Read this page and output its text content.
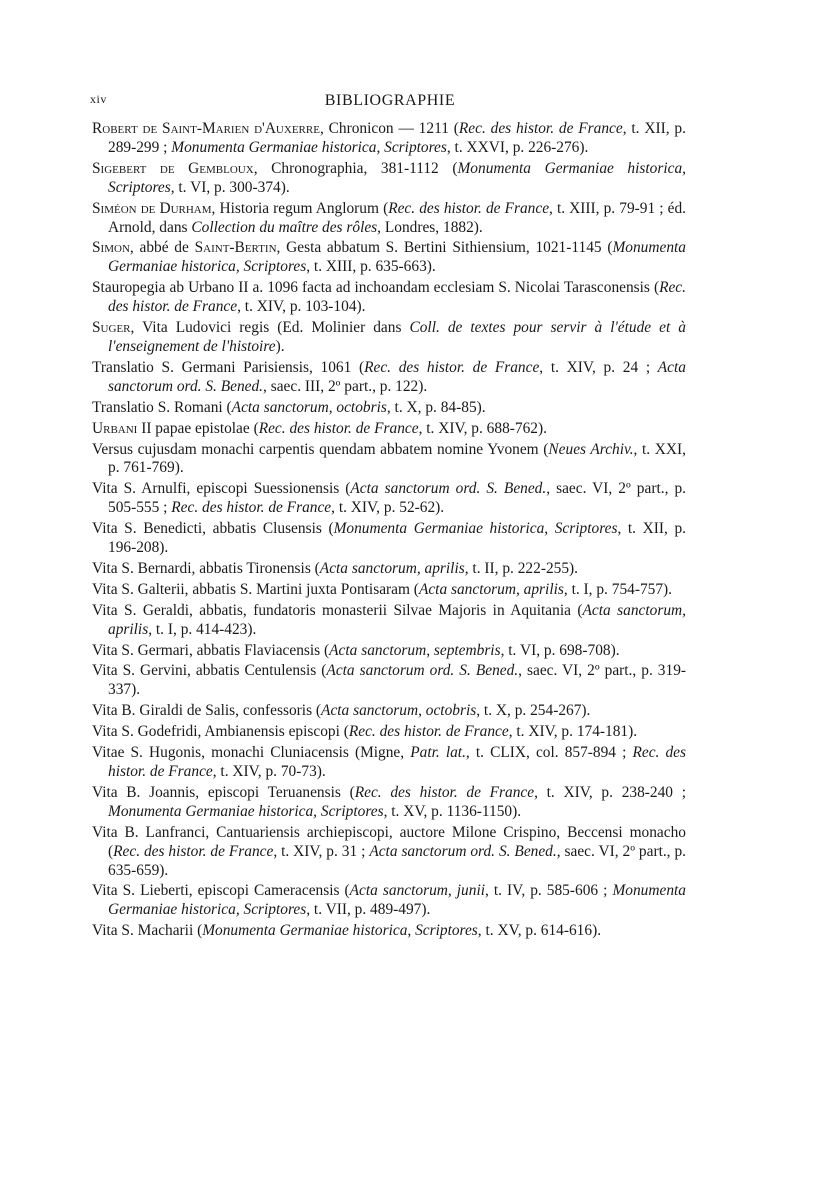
xiv	BIBLIOGRAPHIE
Robert de Saint-Marien d'Auxerre, Chronicon — 1211 (Rec. des histor. de France, t. XII, p. 289-299 ; Monumenta Germaniae historica, Scriptores, t. XXVI, p. 226-276).
Sigebert de Gembloux, Chronographia, 381-1112 (Monumenta Germaniae historica, Scriptores, t. VI, p. 300-374).
Siméon de Durham, Historia regum Anglorum (Rec. des histor. de France, t. XIII, p. 79-91 ; éd. Arnold, dans Collection du maître des rôles, Londres, 1882).
Simon, abbé de Saint-Bertin, Gesta abbatum S. Bertini Sithiensium, 1021-1145 (Monumenta Germaniae historica, Scriptores, t. XIII, p. 635-663).
Stauropegia ab Urbano II a. 1096 facta ad inchoandam ecclesiam S. Nicolai Tarasconensis (Rec. des histor. de France, t. XIV, p. 103-104).
Suger, Vita Ludovici regis (Ed. Molinier dans Coll. de textes pour servir à l'étude et à l'enseignement de l'histoire).
Translatio S. Germani Parisiensis, 1061 (Rec. des histor. de France, t. XIV, p. 24 ; Acta sanctorum ord. S. Bened., saec. III, 2º part., p. 122).
Translatio S. Romani (Acta sanctorum, octobris, t. X, p. 84-85).
Urbani II papae epistolae (Rec. des histor. de France, t. XIV, p. 688-762).
Versus cujusdam monachi carpentis quendam abbatem nomine Yvonem (Neues Archiv., t. XXI, p. 761-769).
Vita S. Arnulfi, episcopi Suessionensis (Acta sanctorum ord. S. Bened., saec. VI, 2º part., p. 505-555 ; Rec. des histor. de France, t. XIV, p. 52-62).
Vita S. Benedicti, abbatis Clusensis (Monumenta Germaniae historica, Scriptores, t. XII, p. 196-208).
Vita S. Bernardi, abbatis Tironensis (Acta sanctorum, aprilis, t. II, p. 222-255).
Vita S. Galterii, abbatis S. Martini juxta Pontisaram (Acta sanctorum, aprilis, t. I, p. 754-757).
Vita S. Geraldi, abbatis, fundatoris monasterii Silvae Majoris in Aquitania (Acta sanctorum, aprilis, t. I, p. 414-423).
Vita S. Germari, abbatis Flaviacensis (Acta sanctorum, septembris, t. VI, p. 698-708).
Vita S. Gervini, abbatis Centulensis (Acta sanctorum ord. S. Bened., saec. VI, 2º part., p. 319-337).
Vita B. Giraldi de Salis, confessoris (Acta sanctorum, octobris, t. X, p. 254-267).
Vita S. Godefridi, Ambianensis episcopi (Rec. des histor. de France, t. XIV, p. 174-181).
Vitae S. Hugonis, monachi Cluniacensis (Migne, Patr. lat., t. CLIX, col. 857-894 ; Rec. des histor. de France, t. XIV, p. 70-73).
Vita B. Joannis, episcopi Teruanensis (Rec. des histor. de France, t. XIV, p. 238-240 ; Monumenta Germaniae historica, Scriptores, t. XV, p. 1136-1150).
Vita B. Lanfranci, Cantuariensis archiepiscopi, auctore Milone Crispino, Beccensi monacho (Rec. des histor. de France, t. XIV, p. 31 ; Acta sanctorum ord. S. Bened., saec. VI, 2º part., p. 635-659).
Vita S. Lieberti, episcopi Cameracensis (Acta sanctorum, junii, t. IV, p. 585-606 ; Monumenta Germaniae historica, Scriptores, t. VII, p. 489-497).
Vita S. Macharii (Monumenta Germaniae historica, Scriptores, t. XV, p. 614-616).
